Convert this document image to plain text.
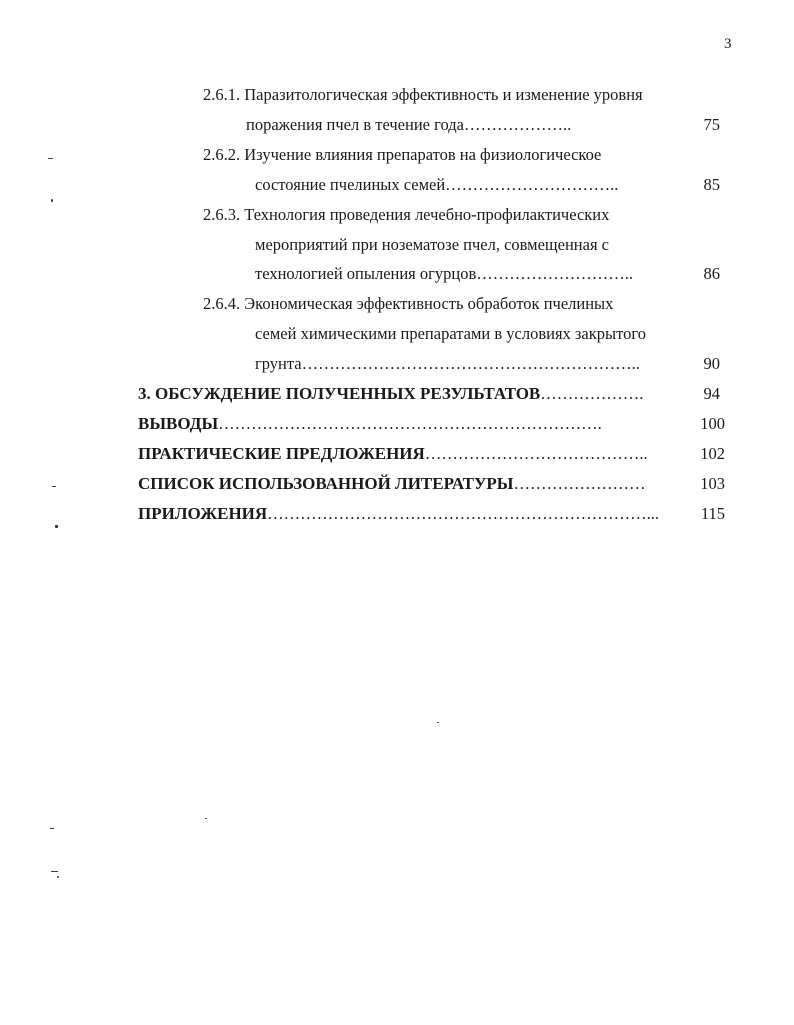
3
2.6.1. Паразитологическая эффективность и изменение уровня
поражения пчел в течение года………………..	75
2.6.2. Изучение влияния препаратов на физиологическое
состояние пчелиных семей…………………………..	85
2.6.3. Технология проведения лечебно-профилактических
мероприятий при нозематозе пчел, совмещенная с
технологией опыления огурцов………………………..	86
2.6.4. Экономическая эффективность обработок пчелиных
семей химическими препаратами в условиях закрытого
грунта……………………………………………………..	90
3. ОБСУЖДЕНИЕ ПОЛУЧЕННЫХ РЕЗУЛЬТАТОВ……………….	94
ВЫВОДЫ…………………………………………………………….	100
ПРАКТИЧЕСКИЕ ПРЕДЛОЖЕНИЯ…………………………………..	102
СПИСОК ИСПОЛЬЗОВАННОЙ ЛИТЕРАТУРЫ……………………	103
ПРИЛОЖЕНИЯ……………………………………………………………...	115
